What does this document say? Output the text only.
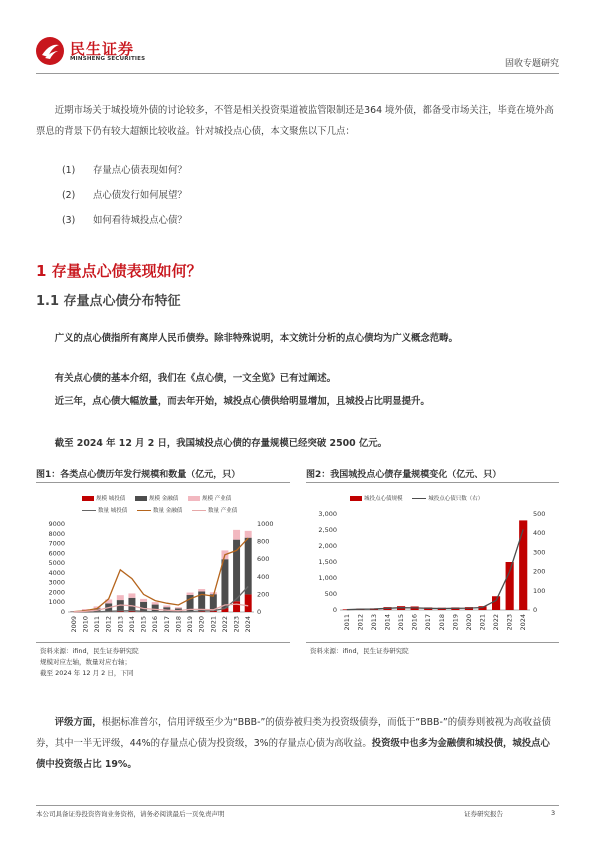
民生证券
MINSHENG SECURITIES	固收专题研究
近期市场关于城投境外债的讨论较多，不管是相关投资渠道被监管限制还是364 境外债，都备受市场关注，毕竟在境外高票息的背景下仍有较大超额比较收益。针对城投点心债，本文聚焦以下几点：
(1) 存量点心债表现如何？
(2) 点心债发行如何展望？
(3) 如何看待城投点心债？
1 存量点心债表现如何？
1.1 存量点心债分布特征
广义的点心债指所有离岸人民币债券。除非特殊说明，本文统计分析的点心债均为广义概念范畴。
有关点心债的基本介绍，我们在《点心债，一文全览》已有过阐述。
近三年，点心债大幅放量，而去年开始，城投点心债供给明显增加，且城投占比明显提升。
截至 2024 年 12 月 2 日，我国城投点心债的存量规模已经突破 2500 亿元。
图1：各类点心债历年发行规模和数量（亿元，只）
规模 城投债	规模 金融债	规模 产业债
数量 城投债	数量 金融债	数量 产业债
0
1000
2000
3000
4000
5000
6000
7000
8000
9000
0
200
400
600
800
1000
2009 2010 2011 2012 2013 2014 2015 2016 2017 2018 2019 2020 2021 2022 2023 2024
资料来源：ifind，民生证券研究院
规模对应左轴，数量对应右轴；
截至 2024 年 12 月 2 日，下同
图2：我国城投点心债存量规模变化（亿元、只）
城投点心债规模	城投点心债只数（右）
0
500
1,000
1,500
2,000
2,500
3,000
0
100
200
300
400
500
2011 2012 2013 2014 2015 2016 2017 2018 2019 2020 2021 2022 2023 2024
资料来源：ifind，民生证券研究院
评级方面，根据标准普尔，信用评级至少为“BBB-”的债券被归类为投资级债券，而低于“BBB-”的债券则被视为高收益债券，其中一半无评级，44%的存量点心债为投资级，3%的存量点心债为高收益。投资级中也多为金融债和城投债，城投点心债中投资级占比 19%。
本公司具备证券投资咨询业务资格，请务必阅读最后一页免责声明	证券研究报告	3
